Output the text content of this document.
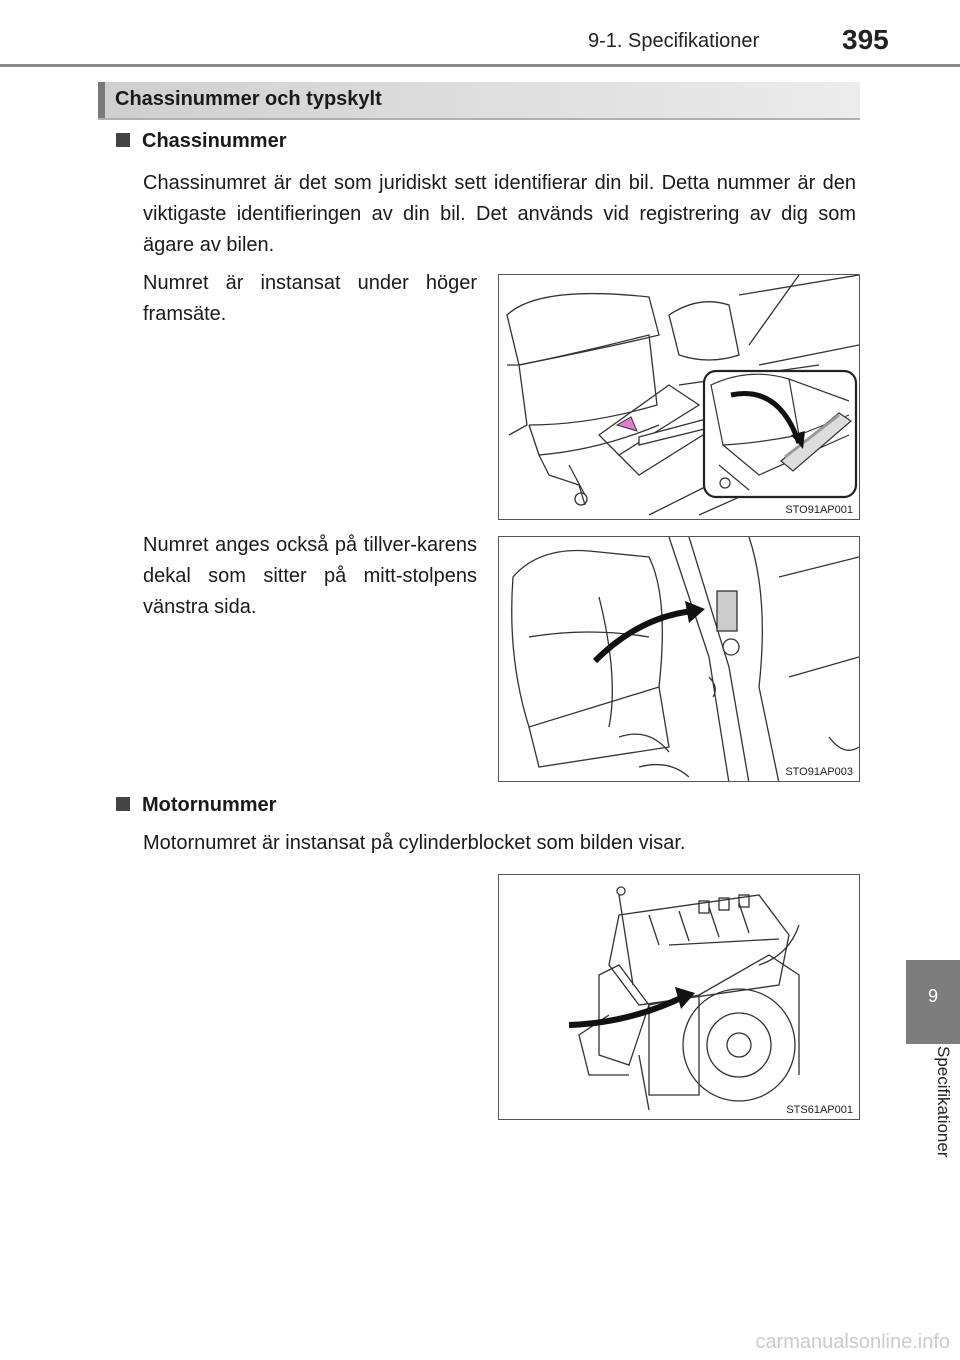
9-1. Specifikationer	395
Chassinummer och typskylt
Chassinummer
Chassinumret är det som juridiskt sett identifierar din bil. Detta nummer är den viktigaste identifieringen av din bil. Det används vid registrering av dig som ägare av bilen.
Numret är instansat under höger framsäte.
STO91AP001
Numret anges också på tillver-karens dekal som sitter på mitt-stolpens vänstra sida.
STO91AP003
Motornummer
Motornumret är instansat på cylinderblocket som bilden visar.
STS61AP001
9
Specifikationer
carmanualsonline.info
